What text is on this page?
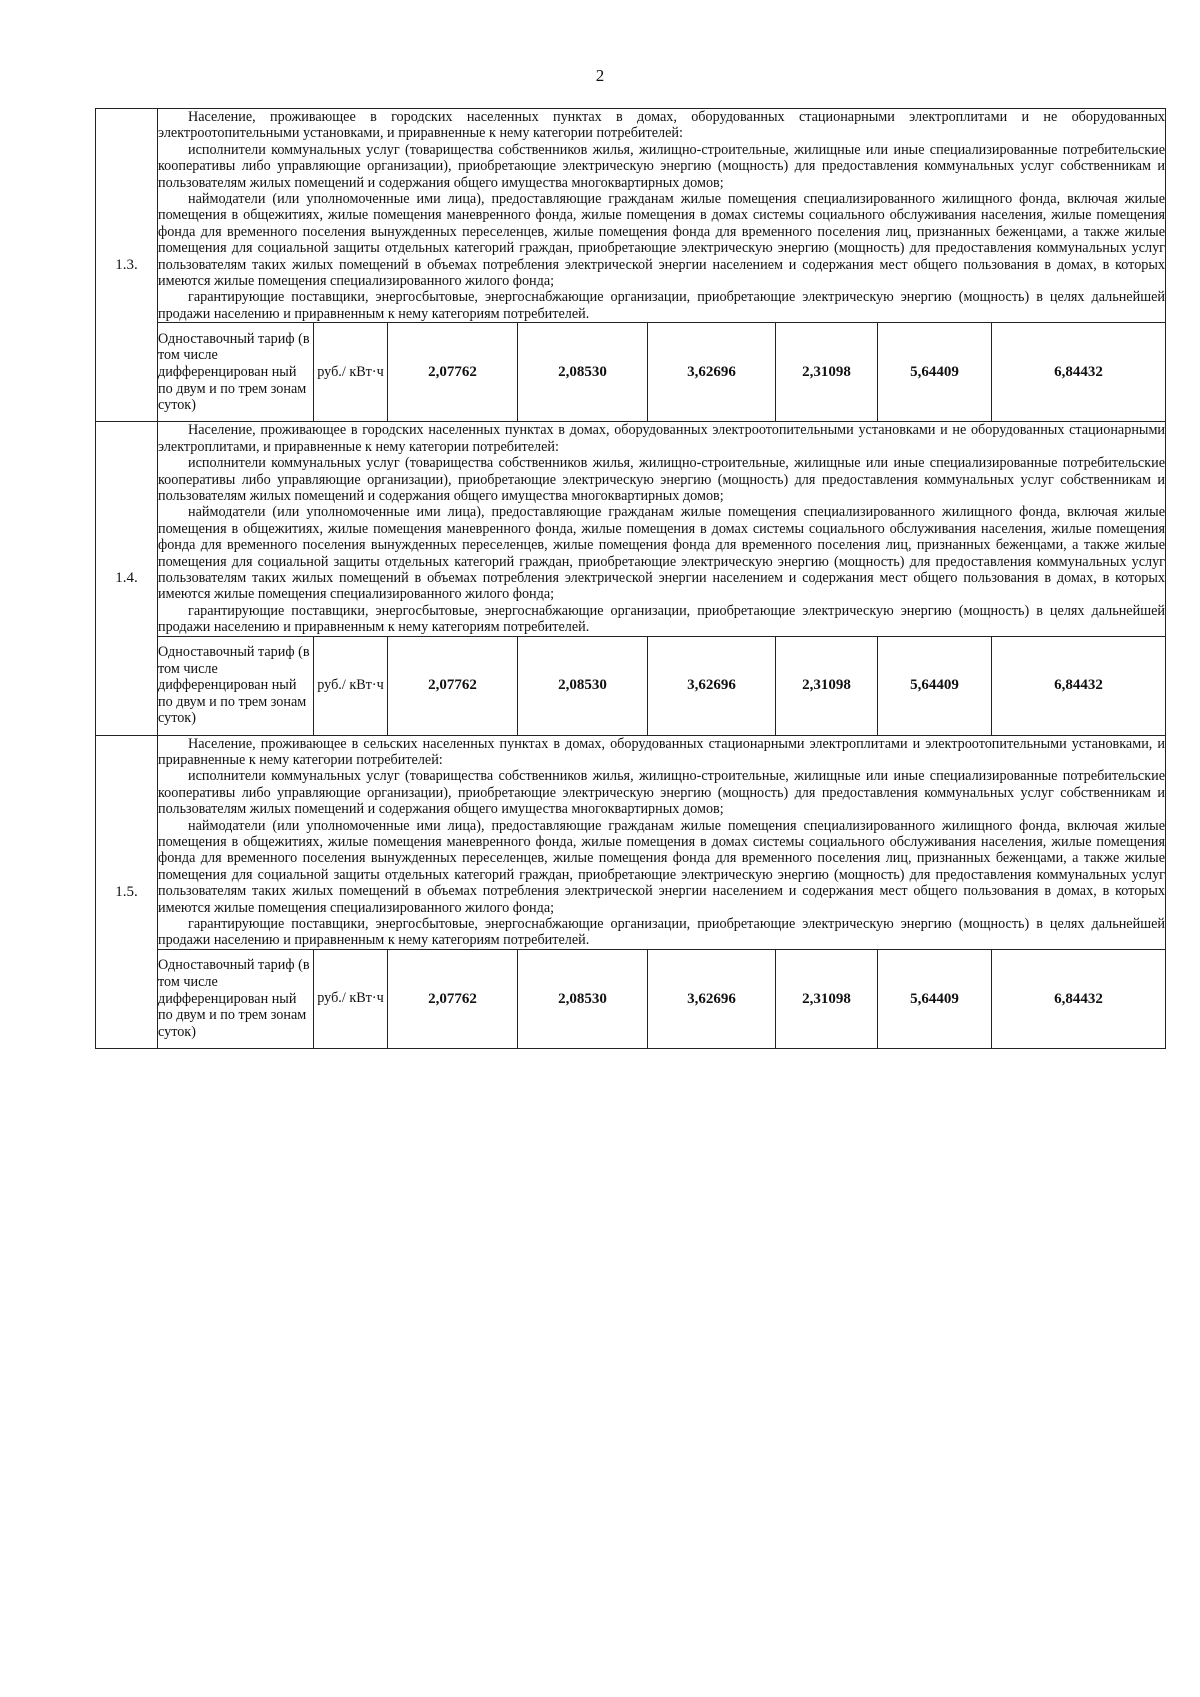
2
1.3.	Население, проживающее в городских населенных пунктах в домах, оборудованных стационарными электроплитами и не оборудованных электроотопительными установками, и приравненные к нему категории потребителей:

исполнители коммунальных услуг (товарищества собственников жилья, жилищно-строительные, жилищные или иные специализированные потребительские кооперативы либо управляющие организации), приобретающие электрическую энергию (мощность) для предоставления коммунальных услуг собственникам и пользователям жилых помещений и содержания общего имущества многоквартирных домов;

наймодатели (или уполномоченные ими лица), предоставляющие гражданам жилые помещения специализированного жилищного фонда, включая жилые помещения в общежитиях, жилые помещения маневренного фонда, жилые помещения в домах системы социального обслуживания населения, жилые помещения фонда для временного поселения вынужденных переселенцев, жилые помещения фонда для временного поселения лиц, признанных беженцами, а также жилые помещения для социальной защиты отдельных категорий граждан, приобретающие электрическую энергию (мощность) для предоставления коммунальных услуг пользователям таких жилых помещений в объемах потребления электрической энергии населением и содержания мест общего пользования в домах, в которых имеются жилые помещения специализированного жилого фонда;

гарантирующие поставщики, энергосбытовые, энергоснабжающие организации, приобретающие электрическую энергию (мощность) в целях дальнейшей продажи населению и приравненным к нему категориям потребителей.							

	Одноставочный тариф (в том числе дифференцирован ный по двум и по трем зонам суток)	руб./ кВт·ч	2,07762	2,08530	3,62696	2,31098	5,64409	6,84432
1.4.	Население, проживающее в городских населенных пунктах в домах, оборудованных электроотопительными установками и не оборудованных стационарными электроплитами, и приравненные к нему категории потребителей:

исполнители коммунальных услуг (товарищества собственников жилья, жилищно-строительные, жилищные или иные специализированные потребительские кооперативы либо управляющие организации), приобретающие электрическую энергию (мощность) для предоставления коммунальных услуг собственникам и пользователям жилых помещений и содержания общего имущества многоквартирных домов;

наймодатели (или уполномоченные ими лица), предоставляющие гражданам жилые помещения специализированного жилищного фонда, включая жилые помещения в общежитиях, жилые помещения маневренного фонда, жилые помещения в домах системы социального обслуживания населения, жилые помещения фонда для временного поселения вынужденных переселенцев, жилые помещения фонда для временного поселения лиц, признанных беженцами, а также жилые помещения для социальной защиты отдельных категорий граждан, приобретающие электрическую энергию (мощность) для предоставления коммунальных услуг пользователям таких жилых помещений в объемах потребления электрической энергии населением и содержания мест общего пользования в домах, в которых имеются жилые помещения специализированного жилого фонда;

гарантирующие поставщики, энергосбытовые, энергоснабжающие организации, приобретающие электрическую энергию (мощность) в целях дальнейшей продажи населению и приравненным к нему категориям потребителей.							

	Одноставочный тариф (в том числе дифференцирован ный по двум и по трем зонам суток)	руб./ кВт·ч	2,07762	2,08530	3,62696	2,31098	5,64409	6,84432
1.5.	Население, проживающее в сельских населенных пунктах в домах, оборудованных стационарными электроплитами и электроотопительными установками, и приравненные к нему категории потребителей:

исполнители коммунальных услуг (товарищества собственников жилья, жилищно-строительные, жилищные или иные специализированные потребительские кооперативы либо управляющие организации), приобретающие электрическую энергию (мощность) для предоставления коммунальных услуг собственникам и пользователям жилых помещений и содержания общего имущества многоквартирных домов;

наймодатели (или уполномоченные ими лица), предоставляющие гражданам жилые помещения специализированного жилищного фонда, включая жилые помещения в общежитиях, жилые помещения маневренного фонда, жилые помещения в домах системы социального обслуживания населения, жилые помещения фонда для временного поселения вынужденных переселенцев, жилые помещения фонда для временного поселения лиц, признанных беженцами, а также жилые помещения для социальной защиты отдельных категорий граждан, приобретающие электрическую энергию (мощность) для предоставления коммунальных услуг пользователям таких жилых помещений в объемах потребления электрической энергии населением и содержания мест общего пользования в домах, в которых имеются жилые помещения специализированного жилого фонда;

гарантирующие поставщики, энергосбытовые, энергоснабжающие организации, приобретающие электрическую энергию (мощность) в целях дальнейшей продажи населению и приравненным к нему категориям потребителей.							

	Одноставочный тариф (в том числе дифференцирован ный по двум и по трем зонам суток)	руб./ кВт·ч	2,07762	2,08530	3,62696	2,31098	5,64409	6,84432
